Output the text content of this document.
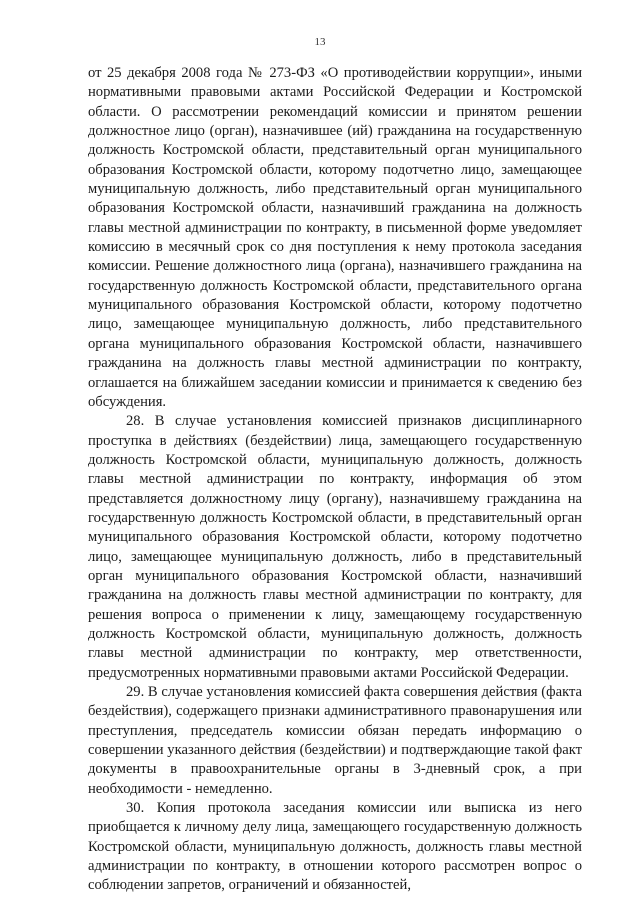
13

от 25 декабря 2008 года № 273-ФЗ «О противодействии коррупции», иными нормативными правовыми актами Российской Федерации и Костромской области. О рассмотрении рекомендаций комиссии и принятом решении должностное лицо (орган), назначившее (ий) гражданина на государственную должность Костромской области, представительный орган муниципального образования Костромской области, которому подотчетно лицо, замещающее муниципальную должность, либо представительный орган муниципального образования Костромской области, назначивший гражданина на должность главы местной администрации по контракту, в письменной форме уведомляет комиссию в месячный срок со дня поступления к нему протокола заседания комиссии. Решение должностного лица (органа), назначившего гражданина на государственную должность Костромской области, представительного органа муниципального образования Костромской области, которому подотчетно лицо, замещающее муниципальную должность, либо представительного органа муниципального образования Костромской области, назначившего гражданина на должность главы местной администрации по контракту, оглашается на ближайшем заседании комиссии и принимается к сведению без обсуждения.

28. В случае установления комиссией признаков дисциплинарного проступка в действиях (бездействии) лица, замещающего государственную должность Костромской области, муниципальную должность, должность главы местной администрации по контракту, информация об этом представляется должностному лицу (органу), назначившему гражданина на государственную должность Костромской области, в представительный орган муниципального образования Костромской области, которому подотчетно лицо, замещающее муниципальную должность, либо в представительный орган муниципального образования Костромской области, назначивший гражданина на должность главы местной администрации по контракту, для решения вопроса о применении к лицу, замещающему государственную должность Костромской области, муниципальную должность, должность главы местной администрации по контракту, мер ответственности, предусмотренных нормативными правовыми актами Российской Федерации.

29. В случае установления комиссией факта совершения действия (факта бездействия), содержащего признаки административного правонарушения или преступления, председатель комиссии обязан передать информацию о совершении указанного действия (бездействии) и подтверждающие такой факт документы в правоохранительные органы в 3-дневный срок, а при необходимости - немедленно.

30. Копия протокола заседания комиссии или выписка из него приобщается к личному делу лица, замещающего государственную должность Костромской области, муниципальную должность, должность главы местной администрации по контракту, в отношении которого рассмотрен вопрос о соблюдении запретов, ограничений и обязанностей,
